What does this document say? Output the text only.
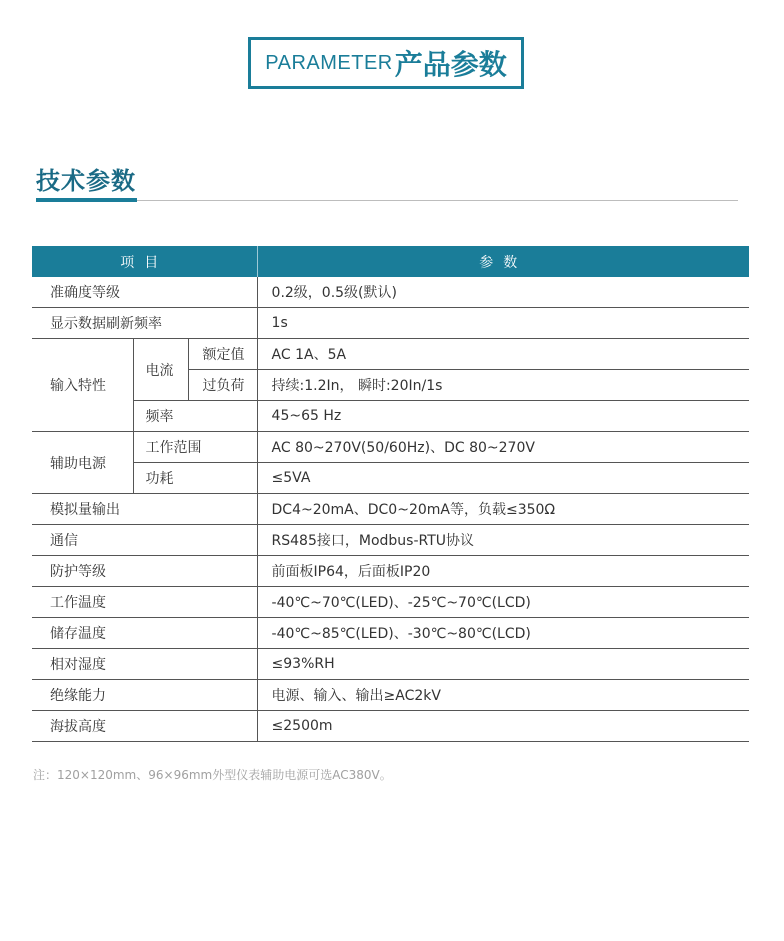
PARAMETER 产品参数
技术参数
项目			参数
准确度等级			0.2级，0.5级(默认)
显示数据刷新频率			1s
输入特性	电流	额定值	AC 1A、5A
		过负荷	持续:1.2In， 瞬时:20In/1s
	频率		45~65 Hz
辅助电源	工作范围		AC 80~270V(50/60Hz)、DC 80~270V
	功耗		≤5VA
模拟量输出			DC4~20mA、DC0~20mA等，负载≤350Ω
通信			RS485接口，Modbus-RTU协议
防护等级			前面板IP64，后面板IP20
工作温度			-40℃~70℃(LED)、-25℃~70℃(LCD)
储存温度			-40℃~85℃(LED)、-30℃~80℃(LCD)
相对湿度			≤93%RH
绝缘能力			电源、输入、输出≥AC2kV
海拔高度			≤2500m
注：120×120mm、96×96mm外型仪表辅助电源可选AC380V。
